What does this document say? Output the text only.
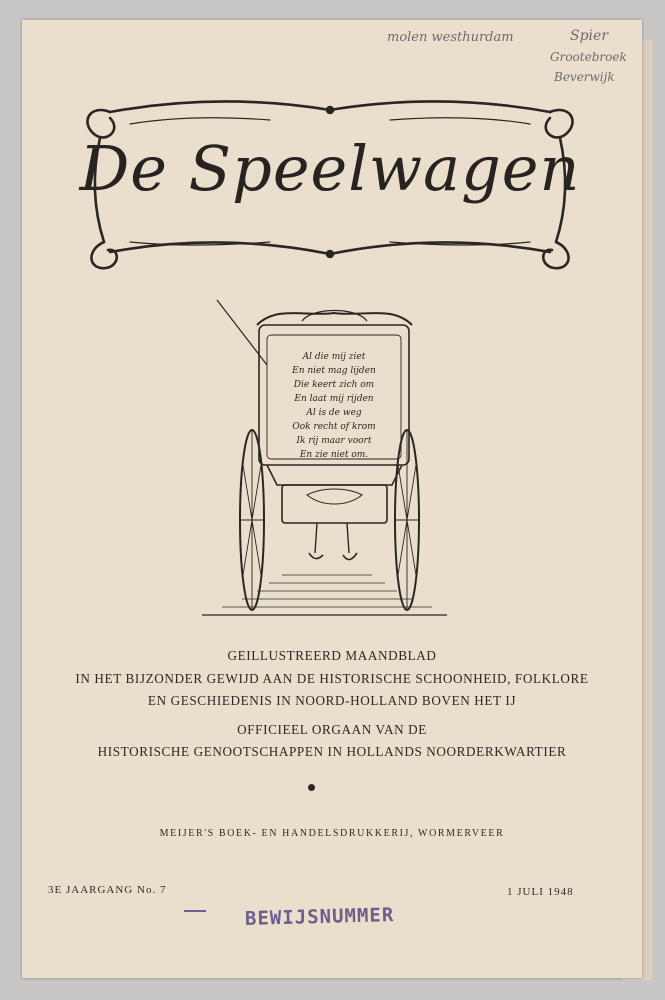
molen westhurdam	Spier
Grootebroek
Beverwijk
De Speelwagen
Al die mij ziet
En niet mag lijden
Die keert zich om
En laat mij rijden
Al is de weg
Ook recht of krom
Ik rij maar voort
En zie niet om.
GEILLUSTREERD MAANDBLAD
IN HET BIJZONDER GEWIJD AAN DE HISTORISCHE SCHOONHEID, FOLKLORE
EN GESCHIEDENIS IN NOORD-HOLLAND BOVEN HET IJ
OFFICIEEL ORGAAN VAN DE
HISTORISCHE GENOOTSCHAPPEN IN HOLLANDS NOORDERKWARTIER
MEIJER'S BOEK- EN HANDELSDRUKKERIJ, WORMERVEER
3E JAARGANG No. 7	1 JULI 1948
BEWIJSNUMMER
